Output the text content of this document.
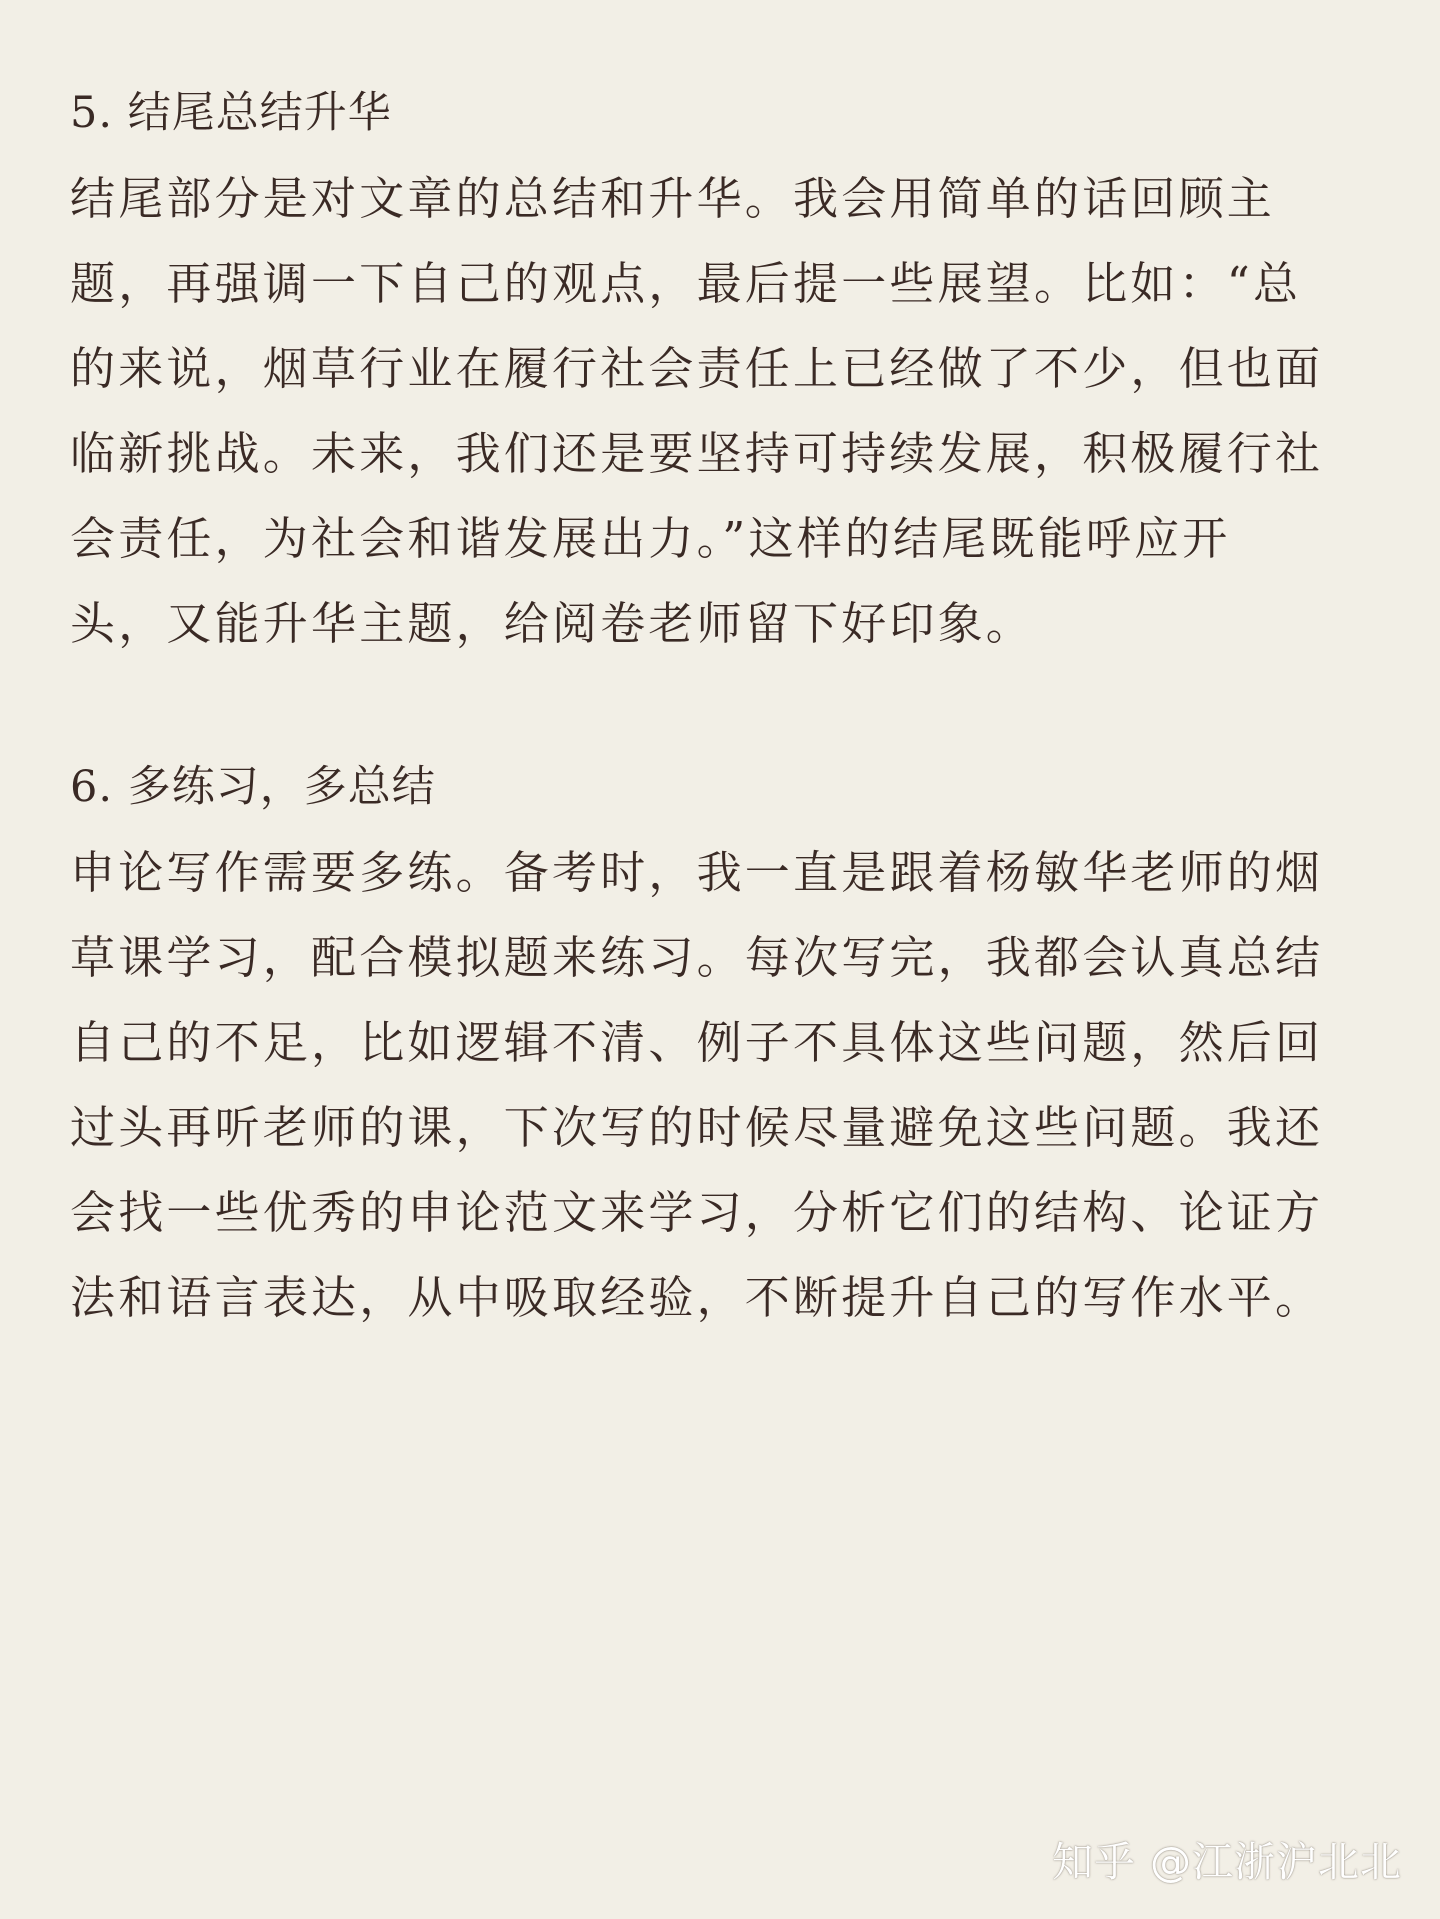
5. 结尾总结升华

结尾部分是对文章的总结和升华。我会用简单的话回顾主

题，再强调一下自己的观点，最后提一些展望。比如：“总

的来说，烟草行业在履行社会责任上已经做了不少，但也面

临新挑战。未来，我们还是要坚持可持续发展，积极履行社

会责任，为社会和谐发展出力。”这样的结尾既能呼应开

头，又能升华主题，给阅卷老师留下好印象。

6. 多练习，多总结

申论写作需要多练。备考时，我一直是跟着杨敏华老师的烟

草课学习，配合模拟题来练习。每次写完，我都会认真总结

自己的不足，比如逻辑不清、例子不具体这些问题，然后回

过头再听老师的课，下次写的时候尽量避免这些问题。我还

会找一些优秀的申论范文来学习，分析它们的结构、论证方

法和语言表达，从中吸取经验，不断提升自己的写作水平。

知乎 @江浙沪北北
